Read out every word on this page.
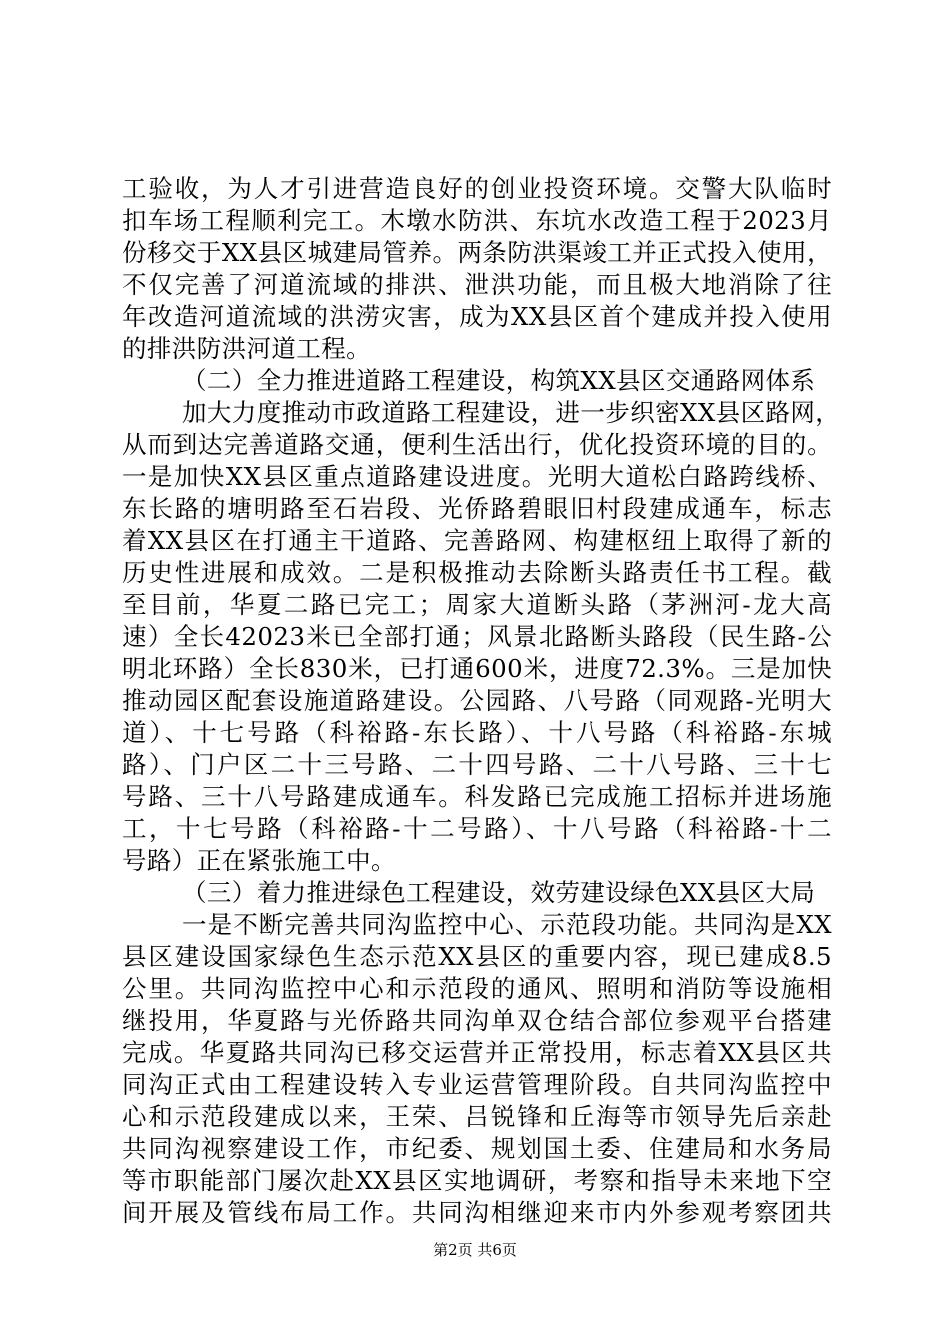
工验收，为人才引进营造良好的创业投资环境。交警大队临时
扣车场工程顺利完工。木墩水防洪、东坑水改造工程于2023月
份移交于XX县区城建局管养。两条防洪渠竣工并正式投入使用，
不仅完善了河道流域的排洪、泄洪功能，而且极大地消除了往
年改造河道流域的洪涝灾害，成为XX县区首个建成并投入使用
的排洪防洪河道工程。
（二）全力推进道路工程建设，构筑XX县区交通路网体系
加大力度推动市政道路工程建设，进一步织密XX县区路网，
从而到达完善道路交通，便利生活出行，优化投资环境的目的。
一是加快XX县区重点道路建设进度。光明大道松白路跨线桥、
东长路的塘明路至石岩段、光侨路碧眼旧村段建成通车，标志
着XX县区在打通主干道路、完善路网、构建枢纽上取得了新的
历史性进展和成效。二是积极推动去除断头路责任书工程。截
至目前，华夏二路已完工；周家大道断头路（茅洲河-龙大高
速）全长42023米已全部打通；风景北路断头路段（民生路-公
明北环路）全长830米，已打通600米，进度72.3%。三是加快
推动园区配套设施道路建设。公园路、八号路（同观路-光明大
道）、十七号路（科裕路-东长路）、十八号路（科裕路-东城
路）、门户区二十三号路、二十四号路、二十八号路、三十七
号路、三十八号路建成通车。科发路已完成施工招标并进场施
工，十七号路（科裕路-十二号路）、十八号路（科裕路-十二
号路）正在紧张施工中。
（三）着力推进绿色工程建设，效劳建设绿色XX县区大局
一是不断完善共同沟监控中心、示范段功能。共同沟是XX
县区建设国家绿色生态示范XX县区的重要内容，现已建成8.5
公里。共同沟监控中心和示范段的通风、照明和消防等设施相
继投用，华夏路与光侨路共同沟单双仓结合部位参观平台搭建
完成。华夏路共同沟已移交运营并正常投用，标志着XX县区共
同沟正式由工程建设转入专业运营管理阶段。自共同沟监控中
心和示范段建成以来，王荣、吕锐锋和丘海等市领导先后亲赴
共同沟视察建设工作，市纪委、规划国土委、住建局和水务局
等市职能部门屡次赴XX县区实地调研，考察和指导未来地下空
间开展及管线布局工作。共同沟相继迎来市内外参观考察团共
第2页 共6页
